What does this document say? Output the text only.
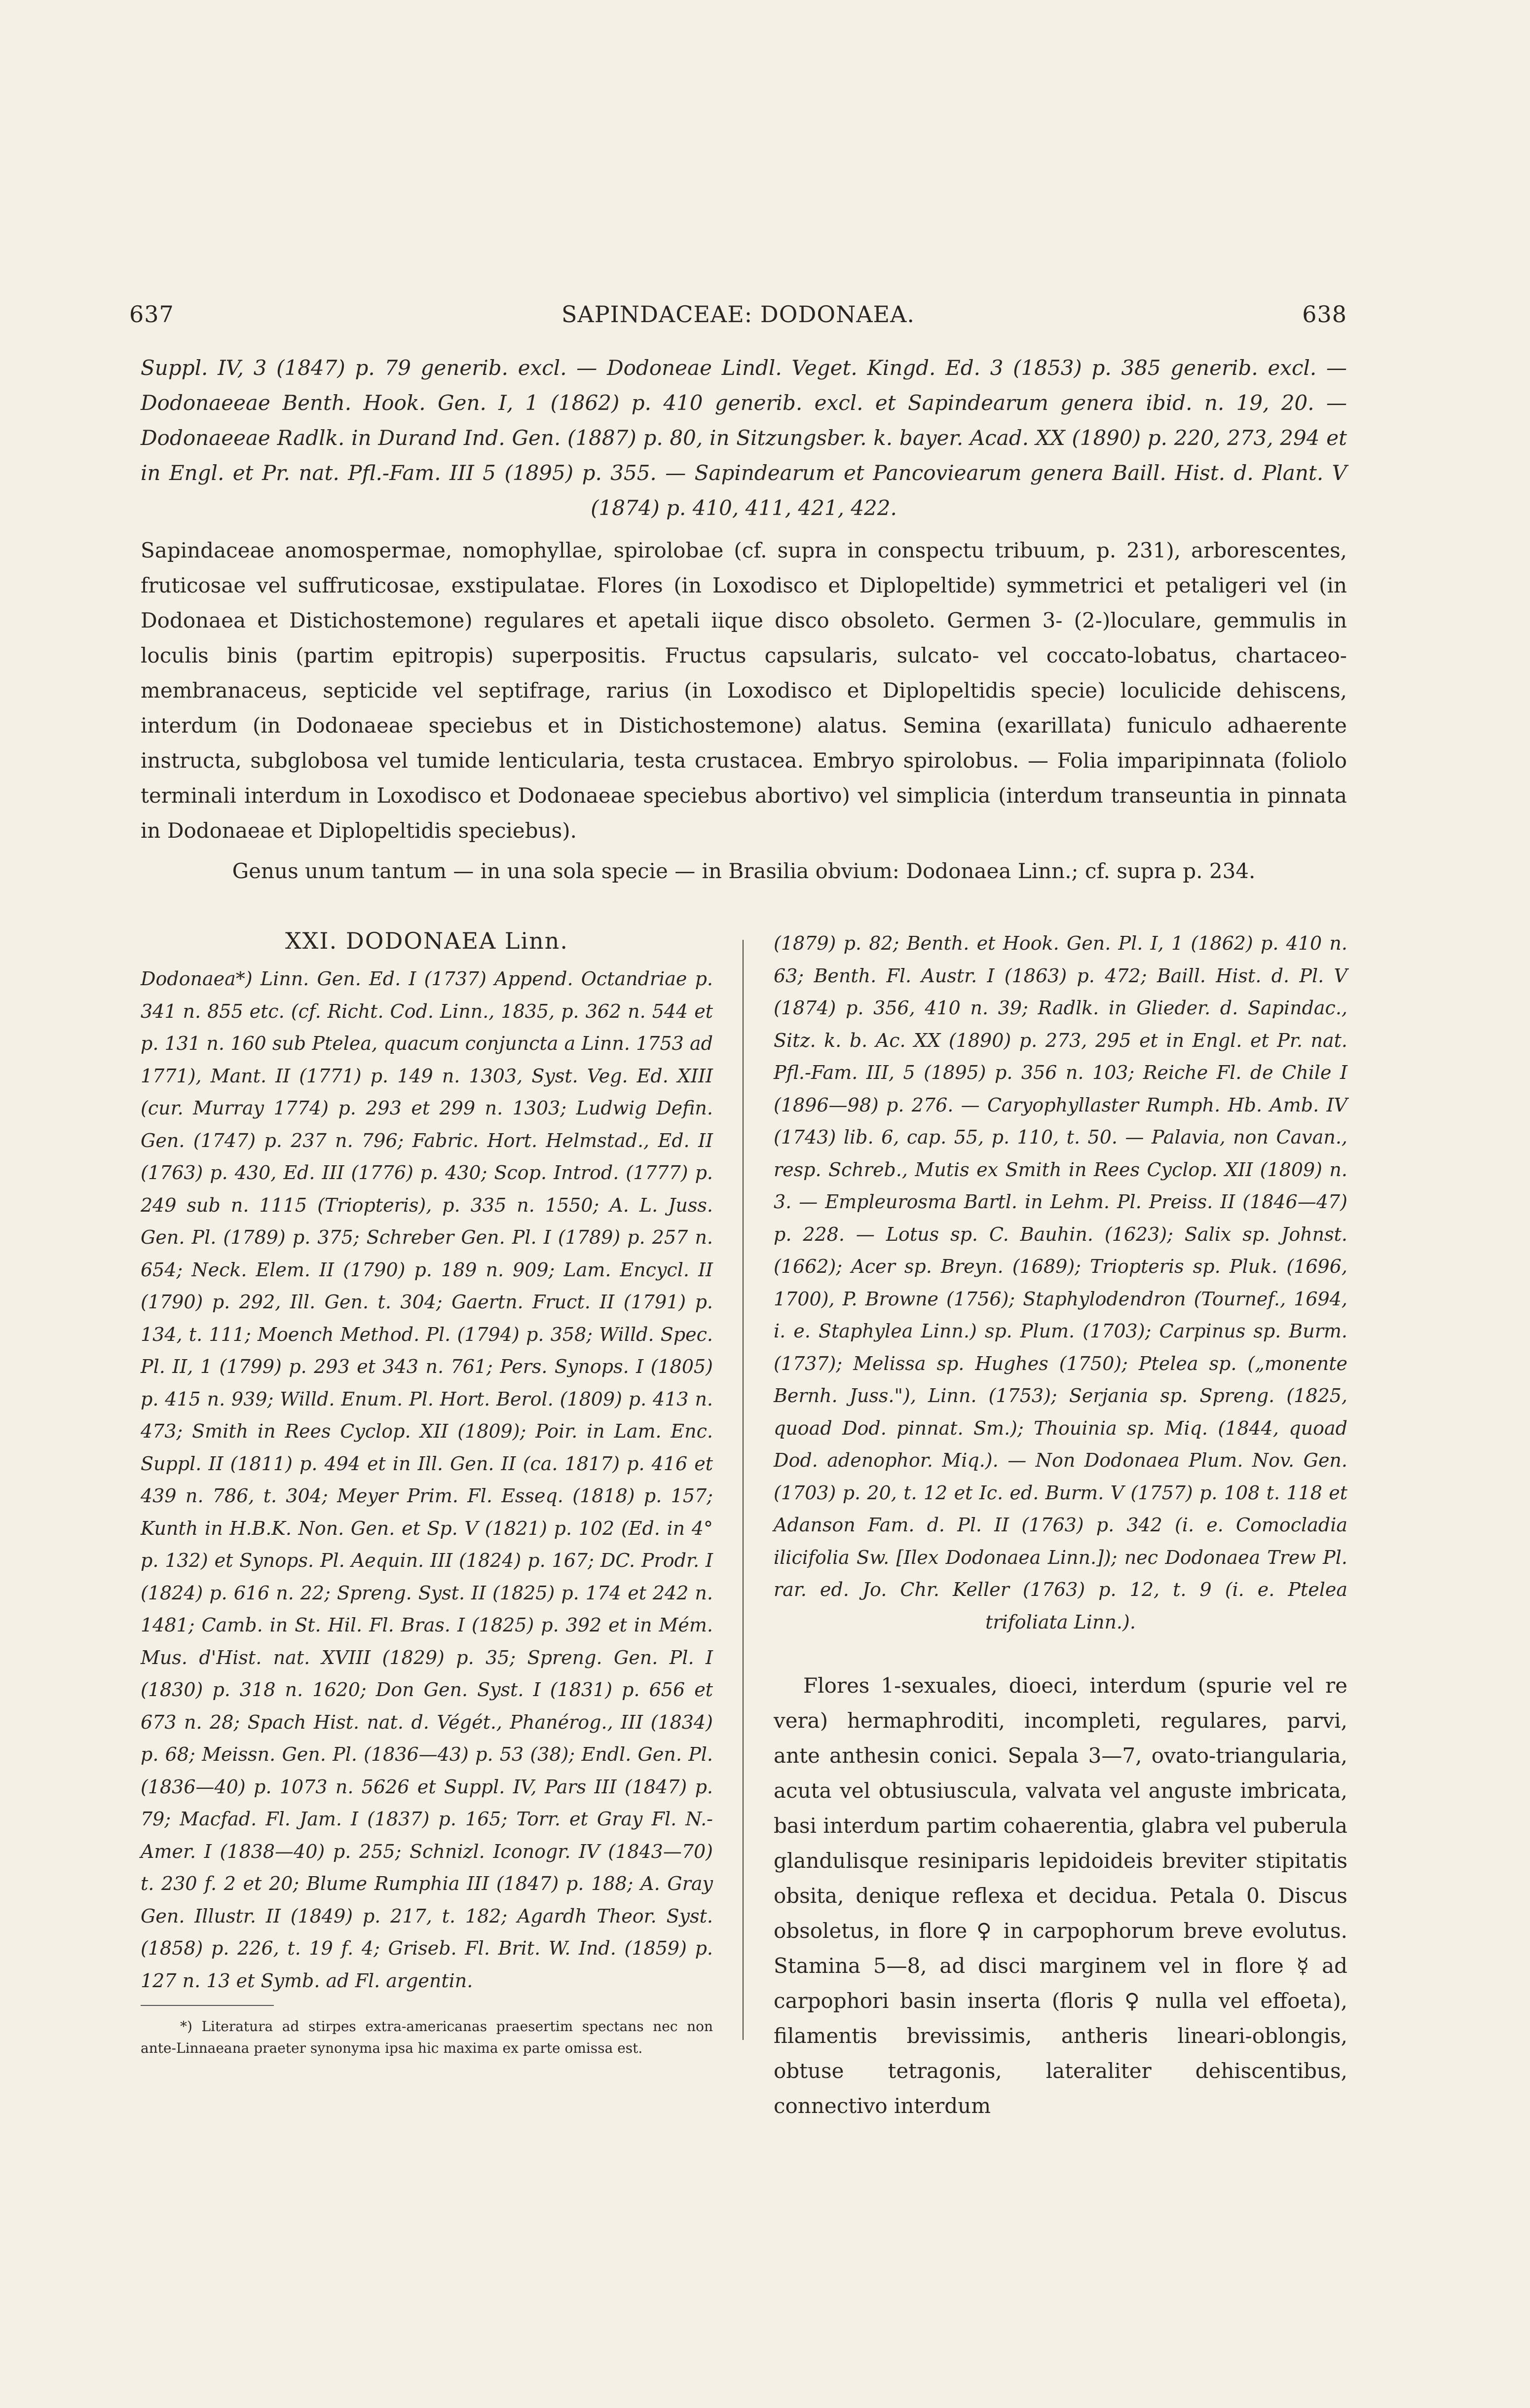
637	SAPINDACEAE: DODONAEA.	638
Suppl. IV, 3 (1847) p. 79 generib. excl. — Dodoneae Lindl. Veget. Kingd. Ed. 3 (1853) p. 385 generib. excl. — Dodonaeeae Benth. Hook. Gen. I, 1 (1862) p. 410 generib. excl. et Sapindearum genera ibid. n. 19, 20. — Dodonaeeae Radlk. in Durand Ind. Gen. (1887) p. 80, in Sitzungsber. k. bayer. Acad. XX (1890) p. 220, 273, 294 et in Engl. et Pr. nat. Pfl.-Fam. III 5 (1895) p. 355. — Sapindearum et Pancoviearum genera Baill. Hist. d. Plant. V (1874) p. 410, 411, 421, 422.
Sapindaceae anomospermae, nomophyllae, spirolobae (cf. supra in conspectu tribuum, p. 231), arborescentes, fruticosae vel suffruticosae, exstipulatae. Flores (in Loxodisco et Diplopeltide) symmetrici et petaligeri vel (in Dodonaea et Distichostemone) regulares et apetali iique disco obsoleto. Germen 3- (2-)loculare, gemmulis in loculis binis (partim epitropis) superpositis. Fructus capsularis, sulcato- vel coccato-lobatus, chartaceo-membranaceus, septicide vel septifrage, rarius (in Loxodisco et Diplopeltidis specie) loculicide dehiscens, interdum (in Dodonaeae speciebus et in Distichostemone) alatus. Semina (exarillata) funiculo adhaerente instructa, subglobosa vel tumide lenticularia, testa crustacea. Embryo spirolobus. — Folia imparipinnata (foliolo terminali interdum in Loxodisco et Dodonaeae speciebus abortivo) vel simplicia (interdum transeuntia in pinnata in Dodonaeae et Diplopeltidis speciebus).
Genus unum tantum — in una sola specie — in Brasilia obvium: Dodonaea Linn.; cf. supra p. 234.
XXI. DODONAEA Linn.
Dodonaea*) Linn. Gen. Ed. I (1737) Append. Octandriae p. 341 n. 855 etc. (cf. Richt. Cod. Linn., 1835, p. 362 n. 544 et p. 131 n. 160 sub Ptelea, quacum conjuncta a Linn. 1753 ad 1771), Mant. II (1771) p. 149 n. 1303, Syst. Veg. Ed. XIII (cur. Murray 1774) p. 293 et 299 n. 1303; Ludwig Defin. Gen. (1747) p. 237 n. 796; Fabric. Hort. Helmstad., Ed. II (1763) p. 430, Ed. III (1776) p. 430; Scop. Introd. (1777) p. 249 sub n. 1115 (Triopteris), p. 335 n. 1550; A. L. Juss. Gen. Pl. (1789) p. 375; Schreber Gen. Pl. I (1789) p. 257 n. 654; Neck. Elem. II (1790) p. 189 n. 909; Lam. Encycl. II (1790) p. 292, Ill. Gen. t. 304; Gaertn. Fruct. II (1791) p. 134, t. 111; Moench Method. Pl. (1794) p. 358; Willd. Spec. Pl. II, 1 (1799) p. 293 et 343 n. 761; Pers. Synops. I (1805) p. 415 n. 939; Willd. Enum. Pl. Hort. Berol. (1809) p. 413 n. 473; Smith in Rees Cyclop. XII (1809); Poir. in Lam. Enc. Suppl. II (1811) p. 494 et in Ill. Gen. II (ca. 1817) p. 416 et 439 n. 786, t. 304; Meyer Prim. Fl. Esseq. (1818) p. 157; Kunth in H.B.K. Non. Gen. et Sp. V (1821) p. 102 (Ed. in 4° p. 132) et Synops. Pl. Aequin. III (1824) p. 167; DC. Prodr. I (1824) p. 616 n. 22; Spreng. Syst. II (1825) p. 174 et 242 n. 1481; Camb. in St. Hil. Fl. Bras. I (1825) p. 392 et in Mém. Mus. d'Hist. nat. XVIII (1829) p. 35; Spreng. Gen. Pl. I (1830) p. 318 n. 1620; Don Gen. Syst. I (1831) p. 656 et 673 n. 28; Spach Hist. nat. d. Végét., Phanérog., III (1834) p. 68; Meissn. Gen. Pl. (1836—43) p. 53 (38); Endl. Gen. Pl. (1836—40) p. 1073 n. 5626 et Suppl. IV, Pars III (1847) p. 79; Macfad. Fl. Jam. I (1837) p. 165; Torr. et Gray Fl. N.-Amer. I (1838—40) p. 255; Schnizl. Iconogr. IV (1843—70) t. 230 f. 2 et 20; Blume Rumphia III (1847) p. 188; A. Gray Gen. Illustr. II (1849) p. 217, t. 182; Agardh Theor. Syst. (1858) p. 226, t. 19 f. 4; Griseb. Fl. Brit. W. Ind. (1859) p. 127 n. 13 et Symb. ad Fl. argentin.
*) Literatura ad stirpes extra-americanas praesertim spectans nec non ante-Linnaeana praeter synonyma ipsa hic maxima ex parte omissa est.
(1879) p. 82; Benth. et Hook. Gen. Pl. I, 1 (1862) p. 410 n. 63; Benth. Fl. Austr. I (1863) p. 472; Baill. Hist. d. Pl. V (1874) p. 356, 410 n. 39; Radlk. in Glieder. d. Sapindac., Sitz. k. b. Ac. XX (1890) p. 273, 295 et in Engl. et Pr. nat. Pfl.-Fam. III, 5 (1895) p. 356 n. 103; Reiche Fl. de Chile I (1896—98) p. 276. — Caryophyllaster Rumph. Hb. Amb. IV (1743) lib. 6, cap. 55, p. 110, t. 50. — Palavia, non Cavan., resp. Schreb., Mutis ex Smith in Rees Cyclop. XII (1809) n. 3. — Empleurosma Bartl. in Lehm. Pl. Preiss. II (1846—47) p. 228. — Lotus sp. C. Bauhin. (1623); Salix sp. Johnst. (1662); Acer sp. Breyn. (1689); Triopteris sp. Pluk. (1696, 1700), P. Browne (1756); Staphylodendron (Tournef., 1694, i. e. Staphylea Linn.) sp. Plum. (1703); Carpinus sp. Burm. (1737); Melissa sp. Hughes (1750); Ptelea sp. („monente Bernh. Juss."), Linn. (1753); Serjania sp. Spreng. (1825, quoad Dod. pinnat. Sm.); Thouinia sp. Miq. (1844, quoad Dod. adenophor. Miq.). — Non Dodonaea Plum. Nov. Gen. (1703) p. 20, t. 12 et Ic. ed. Burm. V (1757) p. 108 t. 118 et Adanson Fam. d. Pl. II (1763) p. 342 (i. e. Comocladia ilicifolia Sw. [Ilex Dodonaea Linn.]); nec Dodonaea Trew Pl. rar. ed. Jo. Chr. Keller (1763) p. 12, t. 9 (i. e. Ptelea trifoliata Linn.).
Flores 1-sexuales, dioeci, interdum (spurie vel re vera) hermaphroditi, incompleti, regulares, parvi, ante anthesin conici. Sepala 3—7, ovato-triangularia, acuta vel obtusiuscula, valvata vel anguste imbricata, basi interdum partim cohaerentia, glabra vel puberula glandulisque resiniparis lepidoideis breviter stipitatis obsita, denique reflexa et decidua. Petala 0. Discus obsoletus, in flore ♀ in carpophorum breve evolutus. Stamina 5—8, ad disci marginem vel in flore ☿ ad carpophori basin inserta (floris ♀ nulla vel effoeta), filamentis brevissimis, antheris lineari-oblongis, obtuse tetragonis, lateraliter dehiscentibus, connectivo interdum
